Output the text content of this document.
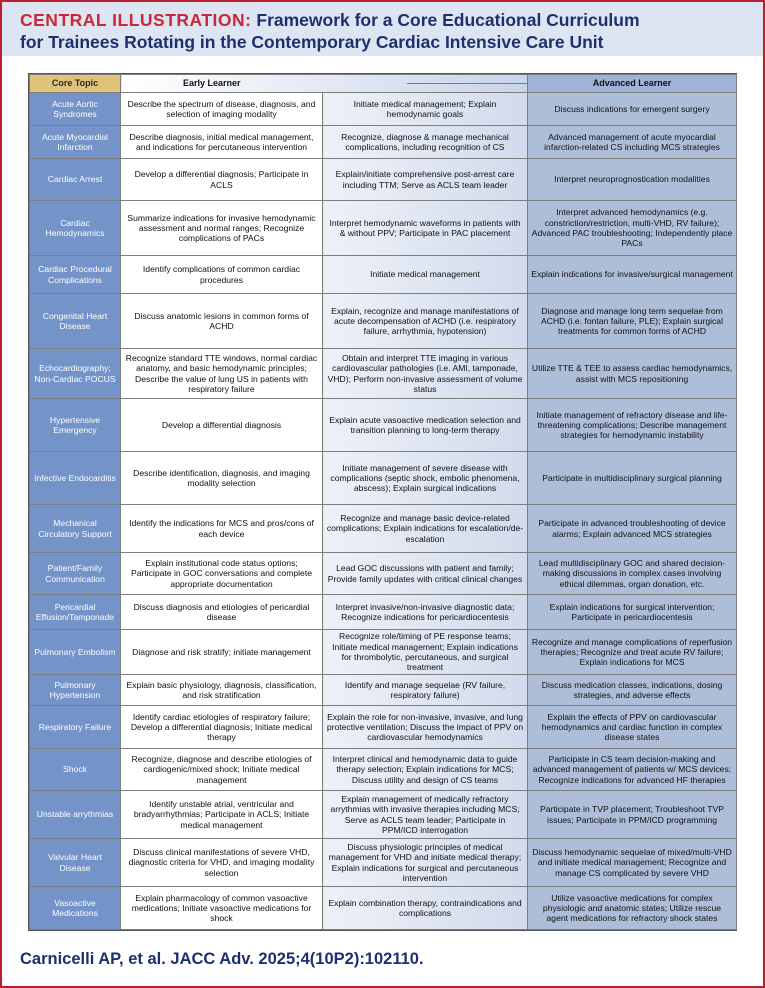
CENTRAL ILLUSTRATION: Framework for a Core Educational Curriculum
for Trainees Rotating in the Contemporary Cardiac Intensive Care Unit
Core Topic	Early Learner		Advanced Learner
Acute Aortic Syndromes	Describe the spectrum of disease, diagnosis, and selection of imaging modality	Initiate medical management; Explain hemodynamic goals	Discuss indications for emergent surgery
Acute Myocardial Infarction	Describe diagnosis, initial medical management, and indications for percutaneous intervention	Recognize, diagnose & manage mechanical complications, including recognition of CS	Advanced management of acute myocardial infarction-related CS including MCS strategies
Cardiac Arrest	Develop a differential diagnosis; Participate in ACLS	Explain/initiate comprehensive post-arrest care including TTM; Serve as ACLS team leader	Interpret neuroprognostication modalities
Cardiac Hemodynamics	Summarize indications for invasive hemodynamic assessment and normal ranges; Recognize complications of PACs	Interpret hemodynamic waveforms in patients with & without PPV; Participate in PAC placement	Interpret advanced hemodynamics (e.g. constriction/restriction, multi-VHD, RV failure); Advanced PAC troubleshooting; Independently place PACs
Cardiac Procedural Complications	Identify complications of common cardiac procedures	Initiate medical management	Explain indications for invasive/surgical management
Congenital Heart Disease	Discuss anatomic lesions in common forms of ACHD	Explain, recognize and manage manifestations of acute decompensation of ACHD (i.e. respiratory failure, arrhythmia, hypotension)	Diagnose and manage long term sequelae from ACHD (i.e. fontan failure, PLE); Explain surgical treatments for common forms of ACHD
Echocardiography; Non-Cardiac POCUS	Recognize standard TTE windows, normal cardiac anatomy, and basic hemodynamic principles; Describe the value of lung US in patients with respiratory failure	Obtain and interpret TTE imaging in various cardiovascular pathologies (i.e. AMI, tamponade, VHD); Perform non-invasive assessment of volume status	Utilize TTE & TEE to assess cardiac hemodynamics, assist with MCS repositioning
Hypertensive Emergency	Develop a differential diagnosis	Explain acute vasoactive medication selection and transition planning to long-term therapy	Initiate management of refractory disease and life-threatening complications; Describe management strategies for hemodynamic instability
Infective Endocarditis	Describe identification, diagnosis, and imaging modality selection	Initiate management of severe disease with complications (septic shock, embolic phenomena, abscess); Explain surgical indications	Participate in multidisciplinary surgical planning
Mechanical Circulatory Support	Identify the indications for MCS and pros/cons of each device	Recognize and manage basic device-related complications; Explain indications for escalation/de-escalation	Participate in advanced troubleshooting of device alarms; Explain advanced MCS strategies
Patient/Family Communication	Explain institutional code status options; Participate in GOC conversations and complete appropriate documentation	Lead GOC discussions with patient and family; Provide family updates with critical clinical changes	Lead multidisciplinary GOC and shared decision-making discussions in complex cases involving ethical dilemmas, organ donation, etc.
Pericardial Effusion/Tamponade	Discuss diagnosis and etiologies of pericardial disease	Interpret invasive/non-invasive diagnostic data; Recognize indications for pericardiocentesis	Explain indications for surgical intervention; Participate in pericardiocentesis
Pulmonary Embolism	Diagnose and risk stratify; initiate management	Recognize role/timing of PE response teams; Initiate medical management; Explain indications for thrombolytic, percutaneous, and surgical treatment	Recognize and manage complications of reperfusion therapies; Recognize and treat acute RV failure; Explain indications for MCS
Pulmonary Hypertension	Explain basic physiology, diagnosis, classification, and risk stratification	Identify and manage sequelae (RV failure, respiratory failure)	Discuss medication classes, indications, dosing strategies, and adverse effects
Respiratory Failure	Identify cardiac etiologies of respiratory failure; Develop a differential diagnosis; Initiate medical therapy	Explain the role for non-invasive, invasive, and lung protective ventilation; Discuss the impact of PPV on cardiovascular hemodynamics	Explain the effects of PPV on cardiovascular hemodynamics and cardiac function in complex disease states
Shock	Recognize, diagnose and describe etiologies of cardiogenic/mixed shock; Initiate medical management	Interpret clinical and hemodynamic data to guide therapy selection; Explain indications for MCS; Discuss utility and design of CS teams	Participate in CS team decision-making and advanced management of patients w/ MCS devices; Recognize indications for advanced HF therapies
Unstable arrythmias	Identify unstable atrial, ventricular and bradyarrhythmias; Participate in ACLS; Initiate medical management	Explain management of medically refractory arrythmias with invasive therapies including MCS; Serve as ACLS team leader; Participate in PPM/ICD interrogation	Participate in TVP placement; Troubleshoot TVP issues; Participate in PPM/ICD programming
Valvular Heart Disease	Discuss clinical manifestations of severe VHD, diagnostic criteria for VHD, and imaging modality selection	Discuss physiologic principles of medical management for VHD and initiate medical therapy; Explain indications for surgical and percutaneous intervention	Discuss hemodynamic sequelae of mixed/multi-VHD and initiate medical management; Recognize and manage CS complicated by severe VHD
Vasoactive Medications	Explain pharmacology of common vasoactive medications; Initiate vasoactive medications for shock	Explain combination therapy, contraindications and complications	Utilize vasoactive medications for complex physiologic and anatomic states; Utilize rescue agent medications for refractory shock states
Carnicelli AP, et al. JACC Adv. 2025;4(10P2):102110.
